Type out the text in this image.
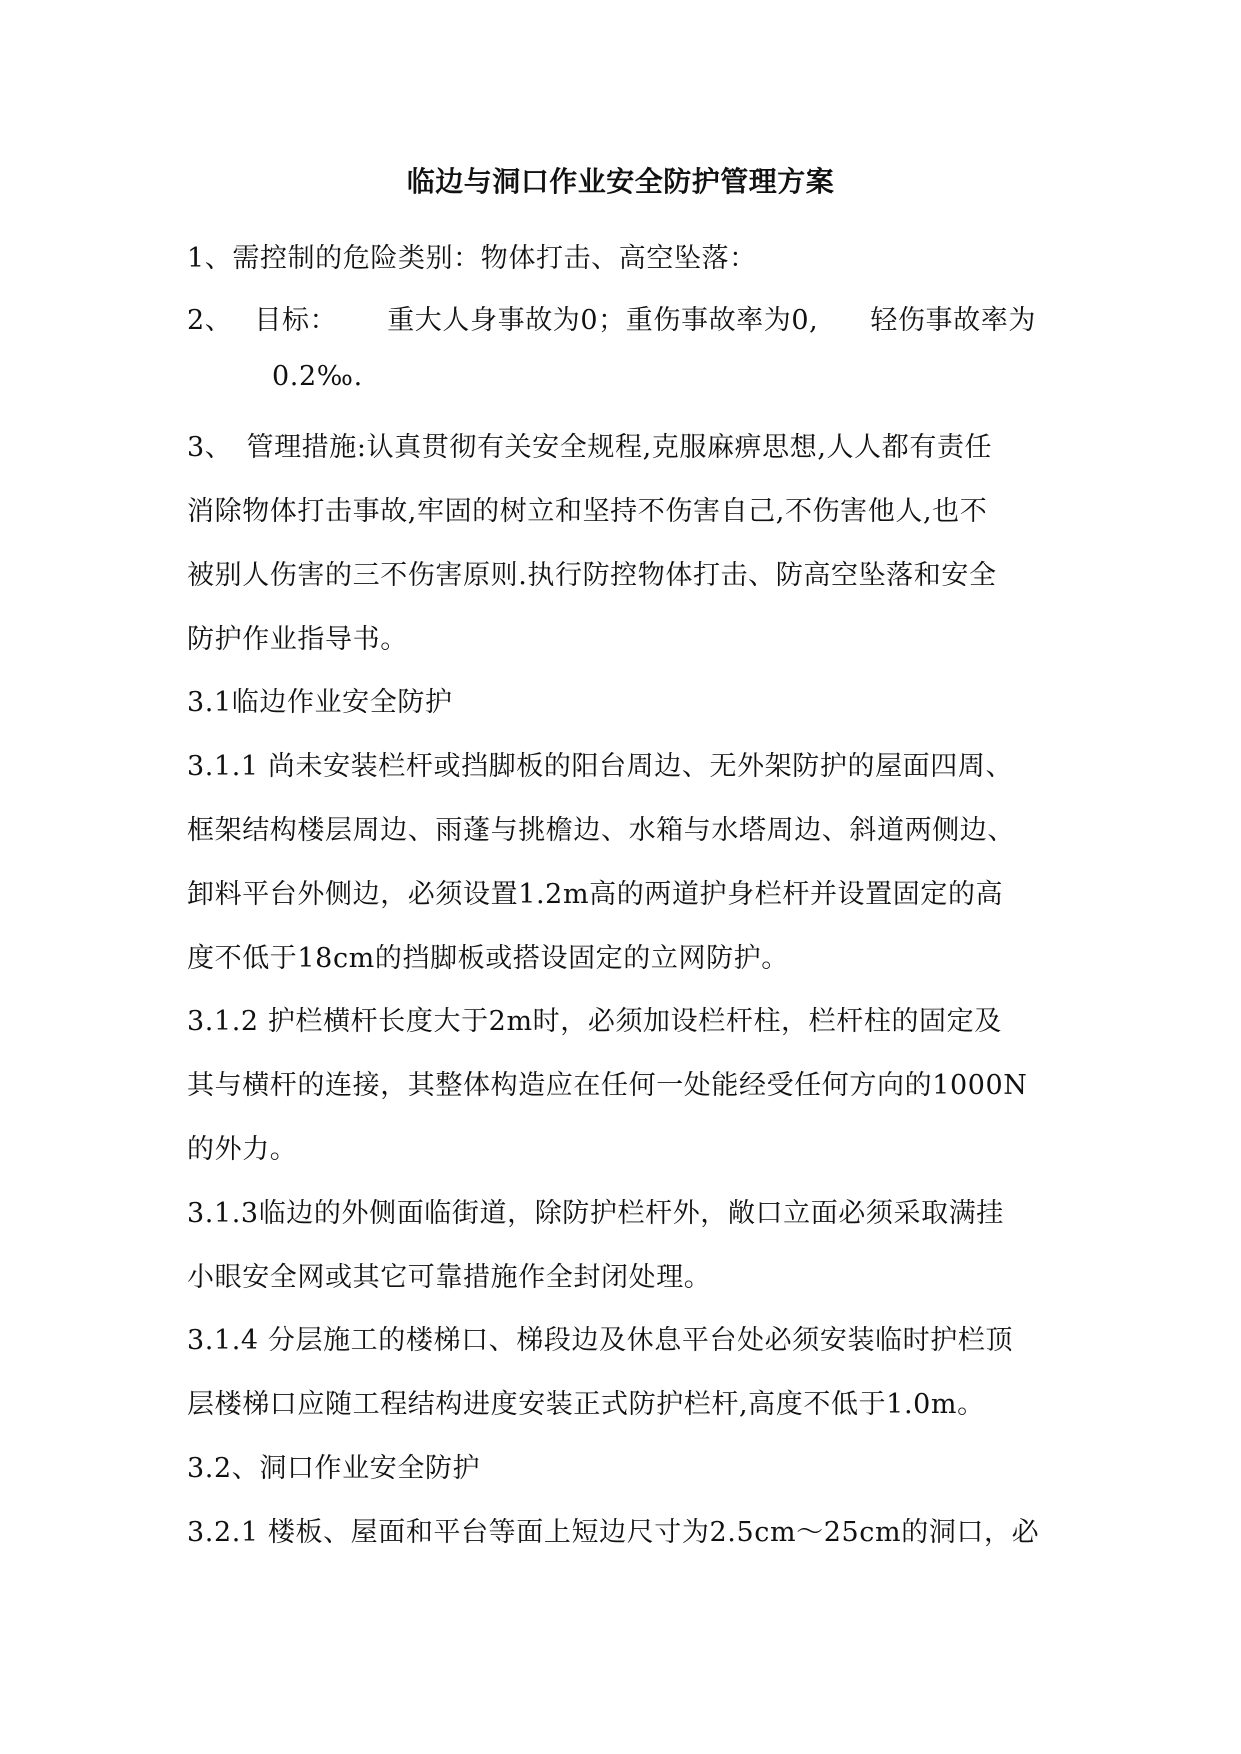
临边与洞口作业安全防护管理方案
1、需控制的危险类别：物体打击、高空坠落：
2、 目标： 重大人身事故为0；重伤事故率为0, 轻伤事故率为
0.2‰.
3、　管理措施:认真贯彻有关安全规程,克服麻痹思想,人人都有责任
消除物体打击事故,牢固的树立和坚持不伤害自己,不伤害他人,也不
被别人伤害的三不伤害原则.执行防控物体打击、防高空坠落和安全
防护作业指导书。
3.1临边作业安全防护
3.1.1 尚未安装栏杆或挡脚板的阳台周边、无外架防护的屋面四周、
框架结构楼层周边、雨蓬与挑檐边、水箱与水塔周边、斜道两侧边、
卸料平台外侧边，必须设置1.2m高的两道护身栏杆并设置固定的高
度不低于18cm的挡脚板或搭设固定的立网防护。
3.1.2 护栏横杆长度大于2m时，必须加设栏杆柱，栏杆柱的固定及
其与横杆的连接，其整体构造应在任何一处能经受任何方向的1000N
的外力。
3.1.3临边的外侧面临街道，除防护栏杆外，敞口立面必须采取满挂
小眼安全网或其它可靠措施作全封闭处理。
3.1.4 分层施工的楼梯口、梯段边及休息平台处必须安装临时护栏顶
层楼梯口应随工程结构进度安装正式防护栏杆,高度不低于1.0m。
3.2、洞口作业安全防护
3.2.1 楼板、屋面和平台等面上短边尺寸为2.5cm～25cm的洞口，必
